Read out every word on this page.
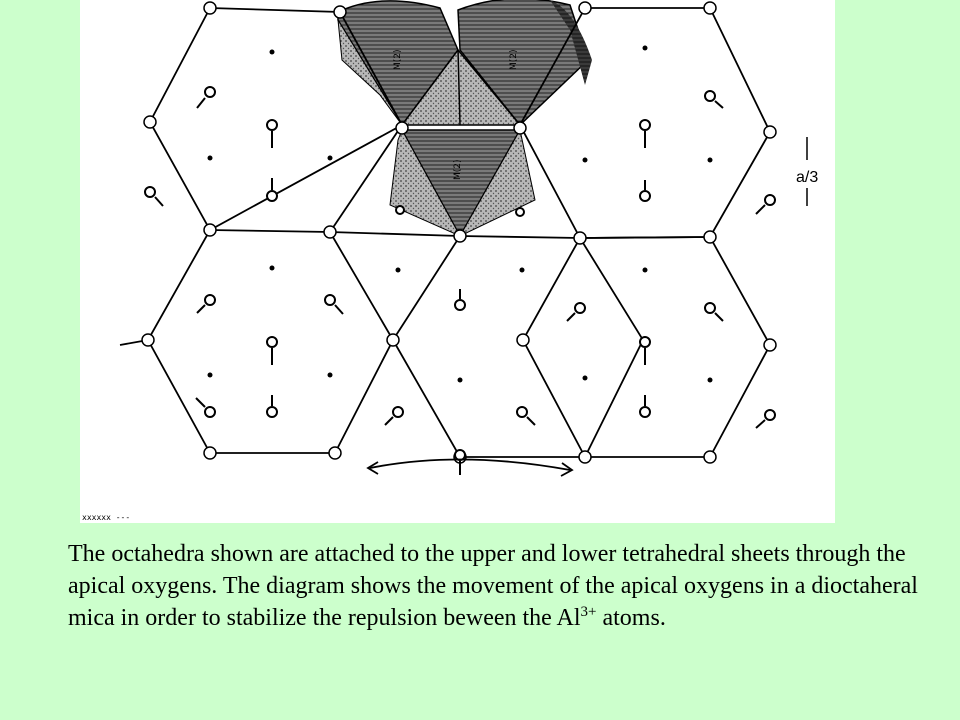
M(2)	M(2)
M(2)	a/3
xxxxxx ---
The octahedra shown are attached to the upper and lower tetrahedral sheets through the apical oxygens. The diagram shows the movement of the apical oxygens in a dioctaheral mica in order to stabilize the repulsion beween the $Al^{3+}$ atoms.
